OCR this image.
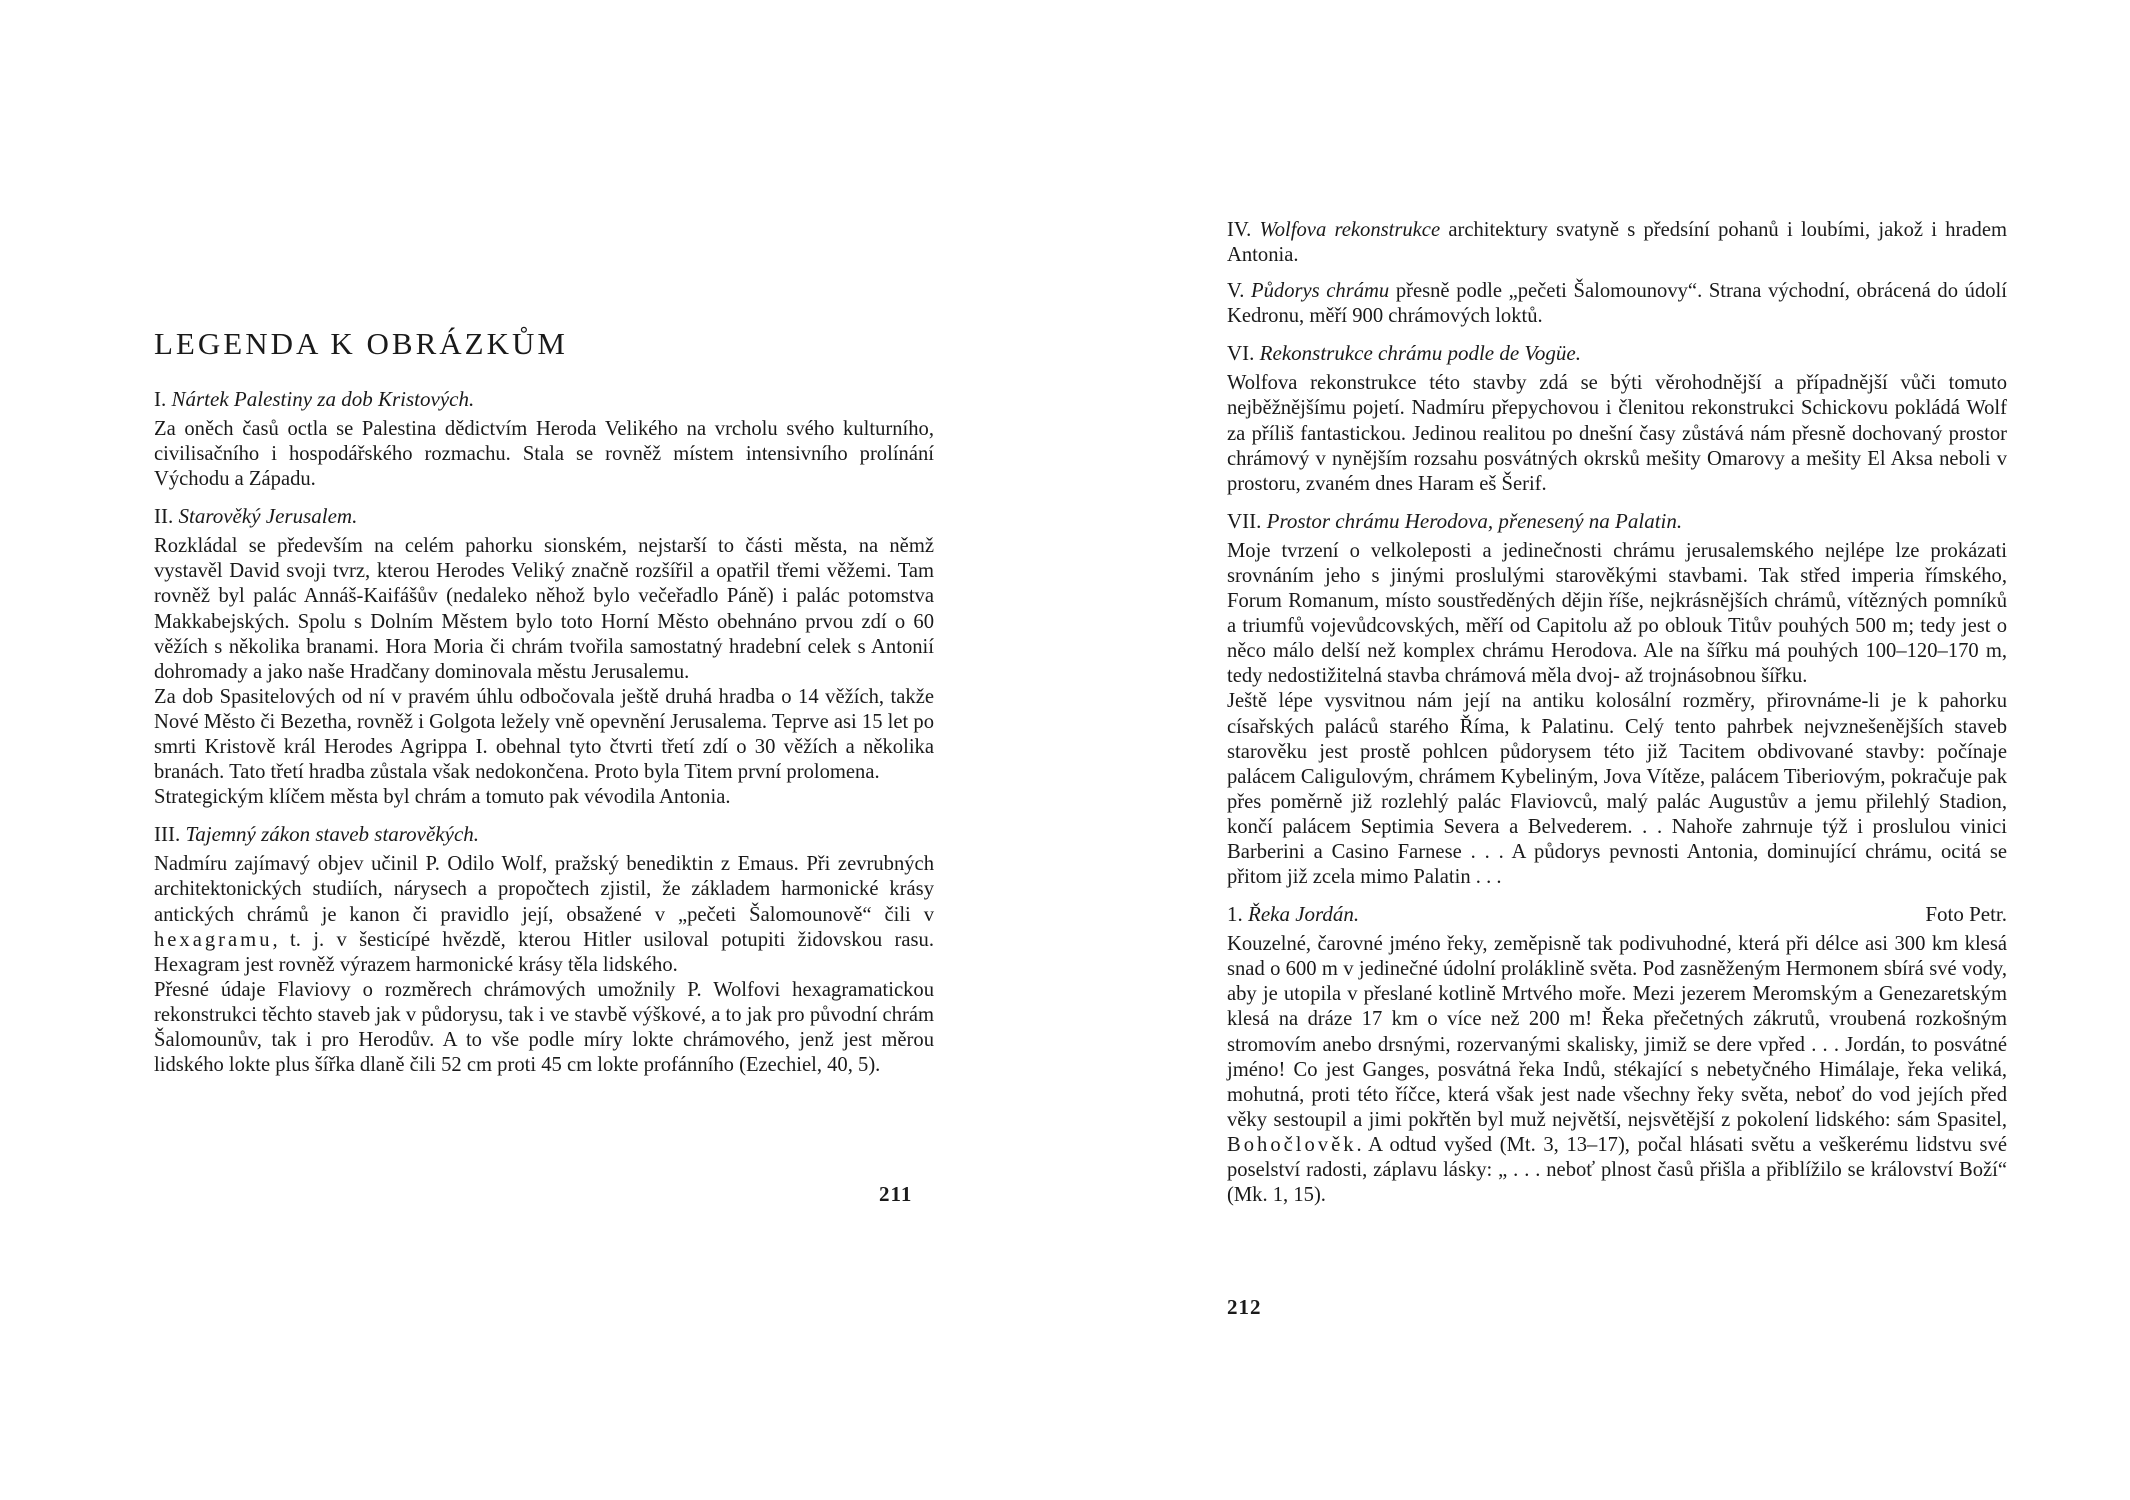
LEGENDA K OBRÁZKŮM

I. Nártek Palestiny za dob Kristových.

Za oněch časů octla se Palestina dědictvím Heroda Velikého na vrcholu svého kulturního, civilisačního i hospodářského rozmachu. Stala se rovněž místem intensivního prolínání Východu a Západu.

II. Starověký Jerusalem.

Rozkládal se především na celém pahorku sionském, nejstarší to části města, na němž vystavěl David svoji tvrz, kterou Herodes Veliký značně rozšířil a opatřil třemi věžemi. Tam rovněž byl palác Annáš-Kaifášův (nedaleko něhož bylo večeřadlo Páně) i palác potomstva Makkabejských. Spolu s Dolním Městem bylo toto Horní Město obehnáno prvou zdí o 60 věžích s několika branami. Hora Moria či chrám tvořila samostatný hradební celek s Antonií dohromady a jako naše Hradčany dominovala městu Jerusalemu.

Za dob Spasitelových od ní v pravém úhlu odbočovala ještě druhá hradba o 14 věžích, takže Nové Město či Bezetha, rovněž i Golgota ležely vně opevnění Jerusalema. Teprve asi 15 let po smrti Kristově král Herodes Agrippa I. obehnal tyto čtvrti třetí zdí o 30 věžích a několika branách. Tato třetí hradba zůstala však nedokončena. Proto byla Titem první prolomena.

Strategickým klíčem města byl chrám a tomuto pak vévodila Antonia.

III. Tajemný zákon staveb starověkých.

Nadmíru zajímavý objev učinil P. Odilo Wolf, pražský benediktin z Emaus. Při zevrubných architektonických studiích, nárysech a propočtech zjistil, že základem harmonické krásy antických chrámů je kanon či pravidlo její, obsažené v „pečeti Šalomounově“ čili v hexagramu, t. j. v šesticípé hvězdě, kterou Hitler usiloval potupiti židovskou rasu. Hexagram jest rovněž výrazem harmonické krásy těla lidského.

Přesné údaje Flaviovy o rozměrech chrámových umožnily P. Wolfovi hexagramatickou rekonstrukci těchto staveb jak v půdorysu, tak i ve stavbě výškové, a to jak pro původní chrám Šalomounův, tak i pro Herodův. A to vše podle míry lokte chrámového, jenž jest měrou lidského lokte plus šířka dlaně čili 52 cm proti 45 cm lokte profánního (Ezechiel, 40, 5).

211

IV. Wolfova rekonstrukce architektury svatyně s předsíní pohanů i loubími, jakož i hradem Antonia.

V. Půdorys chrámu přesně podle „pečeti Šalomounovy“. Strana východní, obrácená do údolí Kedronu, měří 900 chrámových loktů.

VI. Rekonstrukce chrámu podle de Vogüe.

Wolfova rekonstrukce této stavby zdá se býti věrohodnější a případnější vůči tomuto nejběžnějšímu pojetí. Nadmíru přepychovou i členitou rekonstrukci Schickovu pokládá Wolf za příliš fantastickou. Jedinou realitou po dnešní časy zůstává nám přesně dochovaný prostor chrámový v nynějším rozsahu posvátných okrsků mešity Omarovy a mešity El Aksa neboli v prostoru, zvaném dnes Haram eš Šerif.

VII. Prostor chrámu Herodova, přenesený na Palatin.

Moje tvrzení o velkoleposti a jedinečnosti chrámu jerusalemského nejlépe lze prokázati srovnáním jeho s jinými proslulými starověkými stavbami. Tak střed imperia římského, Forum Romanum, místo soustředěných dějin říše, nejkrásnějších chrámů, vítězných pomníků a triumfů vojevůdcovských, měří od Capitolu až po oblouk Titův pouhých 500 m; tedy jest o něco málo delší než komplex chrámu Herodova. Ale na šířku má pouhých 100–120–170 m, tedy nedostižitelná stavba chrámová měla dvoj- až trojnásobnou šířku.

Ještě lépe vysvitnou nám její na antiku kolosální rozměry, přirovnáme-li je k pahorku císařských paláců starého Říma, k Palatinu. Celý tento pahrbek nejvznešenějších staveb starověku jest prostě pohlcen půdorysem této již Tacitem obdivované stavby: počínaje palácem Caligulovým, chrámem Kybeliným, Jova Vítěze, palácem Tiberiovým, pokračuje pak přes poměrně již rozlehlý palác Flaviovců, malý palác Augustův a jemu přilehlý Stadion, končí palácem Septimia Severa a Belvederem. . . Nahoře zahrnuje týž i proslulou vinici Barberini a Casino Farnese . . . A půdorys pevnosti Antonia, dominující chrámu, ocitá se přitom již zcela mimo Palatin . . .

1. Řeka Jordán.	Foto Petr.

Kouzelné, čarovné jméno řeky, zeměpisně tak podivuhodné, která při délce asi 300 km klesá snad o 600 m v jedinečné údolní proláklině světa. Pod zasněženým Hermonem sbírá své vody, aby je utopila v přeslané kotlině Mrtvého moře. Mezi jezerem Meromským a Genezaretským klesá na dráze 17 km o více než 200 m! Řeka přečetných zákrutů, vroubená rozkošným stromovím anebo drsnými, rozervanými skalisky, jimiž se dere vpřed . . . Jordán, to posvátné jméno! Co jest Ganges, posvátná řeka Indů, stékající s nebetyčného Himálaje, řeka veliká, mohutná, proti této říčce, která však jest nade všechny řeky světa, neboť do vod jejích před věky sestoupil a jimi pokřtěn byl muž největší, nejsvětější z pokolení lidského: sám Spasitel, Bohočlověk. A odtud vyšed (Mt. 3, 13–17), počal hlásati světu a veškerému lidstvu své poselství radosti, záplavu lásky: „ . . . neboť plnost časů přišla a přiblížilo se království Boží“ (Mk. 1, 15).

212
